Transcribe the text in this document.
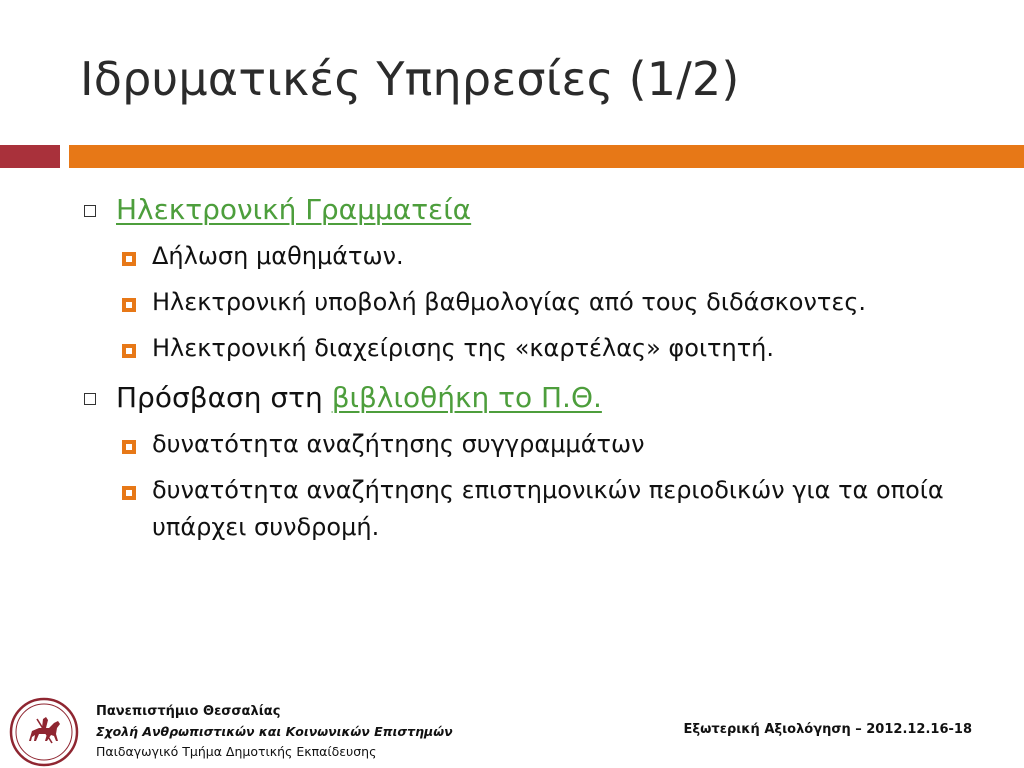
Ιδρυματικές Υπηρεσίες (1/2)
Ηλεκτρονική Γραμματεία
Δήλωση μαθημάτων.
Ηλεκτρονική υποβολή βαθμολογίας από τους διδάσκοντες.
Ηλεκτρονική διαχείρισης της «καρτέλας» φοιτητή.
Πρόσβαση στη βιβλιοθήκη το Π.Θ.
δυνατότητα αναζήτησης συγγραμμάτων
δυνατότητα αναζήτησης επιστημονικών περιοδικών για τα οποία υπάρχει συνδρομή.
Πανεπιστήμιο Θεσσαλίας
Σχολή Ανθρωπιστικών και Κοινωνικών Επιστημών
Παιδαγωγικό Τμήμα Δημοτικής Εκπαίδευσης
Εξωτερική Αξιολόγηση – 2012.12.16-18
